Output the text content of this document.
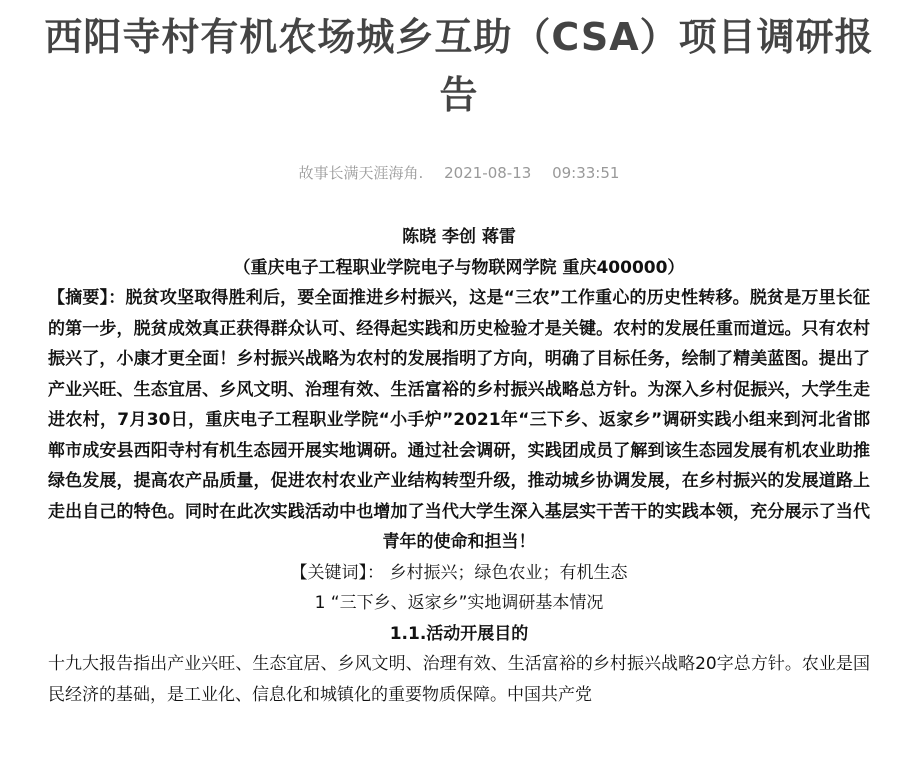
西阳寺村有机农场城乡互助（CSA）项目调研报告
故事长满天涯海角. 2021-08-13 09:33:51

陈晓 李创 蒋雷

（重庆电子工程职业学院电子与物联网学院 重庆400000）

【摘要】：脱贫攻坚取得胜利后，要全面推进乡村振兴，这是“三农”工作重心的历史性转移。脱贫是万里长征的第一步，脱贫成效真正获得群众认可、经得起实践和历史检验才是关键。农村的发展任重而道远。只有农村振兴了，小康才更全面！乡村振兴战略为农村的发展指明了方向，明确了目标任务，绘制了精美蓝图。提出了产业兴旺、生态宜居、乡风文明、治理有效、生活富裕的乡村振兴战略总方针。为深入乡村促振兴，大学生走进农村，7月30日，重庆电子工程职业学院“小手炉”2021年“三下乡、返家乡”调研实践小组来到河北省邯郸市成安县西阳寺村有机生态园开展实地调研。通过社会调研，实践团成员了解到该生态园发展有机农业助推绿色发展，提高农产品质量，促进农村农业产业结构转型升级，推动城乡协调发展，在乡村振兴的发展道路上走出自己的特色。同时在此次实践活动中也增加了当代大学生深入基层实干苦干的实践本领，充分展示了当代青年的使命和担当！

【关键词】： 乡村振兴；绿色农业；有机生态

1 “三下乡、返家乡”实地调研基本情况

1.1.活动开展目的

十九大报告指出产业兴旺、生态宜居、乡风文明、治理有效、生活富裕的乡村振兴战略20字总方针。农业是国民经济的基础，是工业化、信息化和城镇化的重要物质保障。中国共产党
